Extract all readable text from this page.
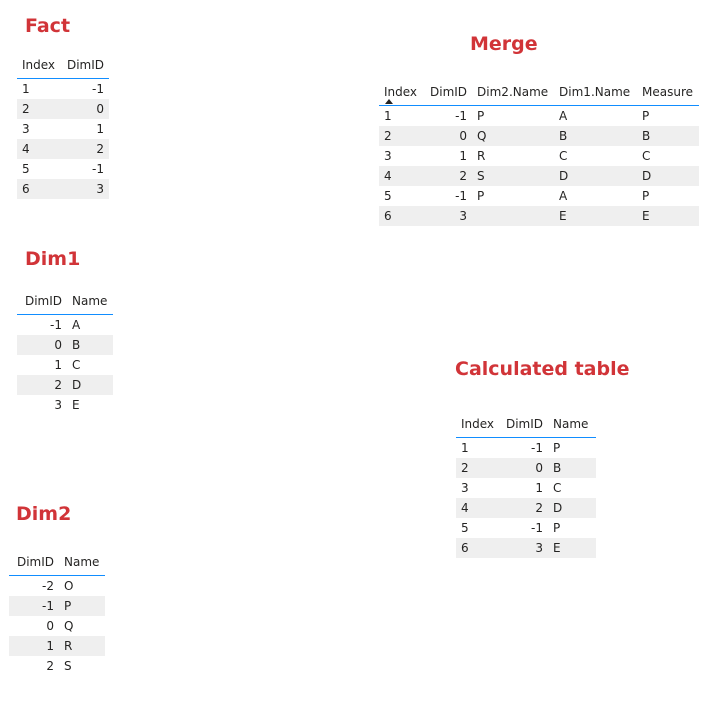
Fact
Index	DimID
1	-1
2	0
3	1
4	2
5	-1
6	3
Dim1
DimID	Name
-1	A
0	B
1	C
2	D
3	E
Dim2
DimID	Name
-2	O
-1	P
0	Q
1	R
2	S
Merge
Index	DimID	Dim2.Name	Dim1.Name	Measure
1	-1	P	A	P
2	0	Q	B	B
3	1	R	C	C
4	2	S	D	D
5	-1	P	A	P
6	3		E	E
Calculated table
Index	DimID	Name
1	-1	P
2	0	B
3	1	C
4	2	D
5	-1	P
6	3	E
